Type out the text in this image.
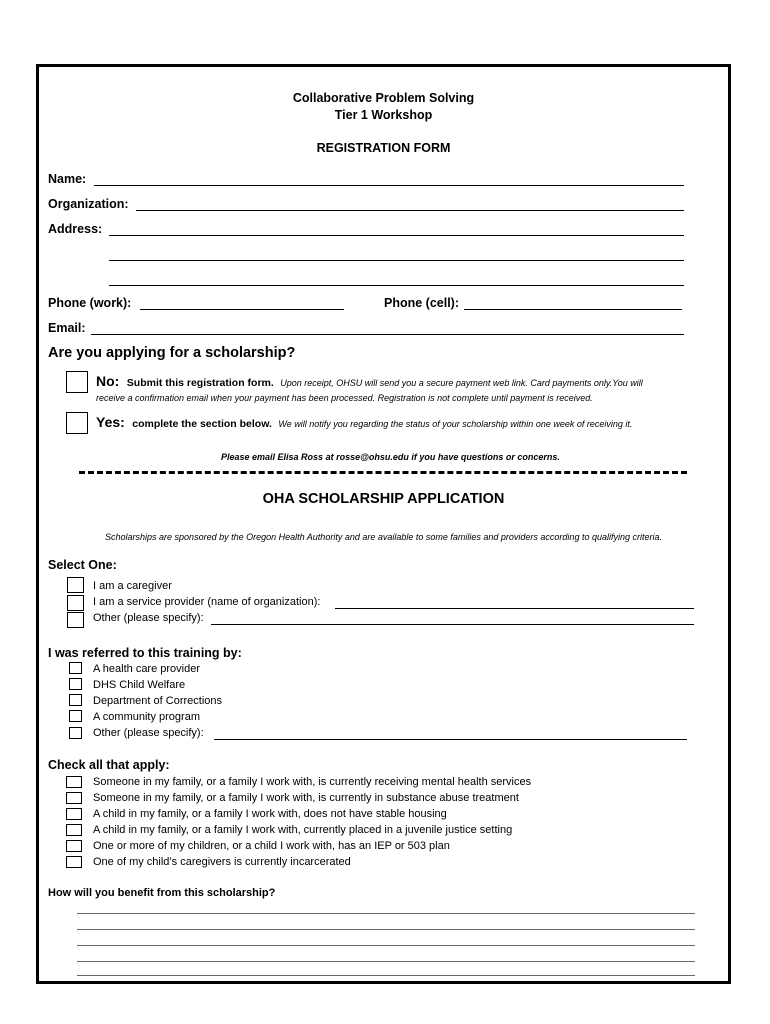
Collaborative Problem Solving
Tier 1 Workshop
REGISTRATION FORM
Name:
Organization:
Address:
Phone (work):	Phone (cell):
Email:
Are you applying for a scholarship?
No: Submit this registration form. Upon receipt, OHSU will send you a secure payment web link. Card payments only.You will
receive a confirmation email when your payment has been processed. Registration is not complete until payment is received.
Yes: complete the section below. We will notify you regarding the status of your scholarship within one week of receiving it.
Please email Elisa Ross at rosse@ohsu.edu if you have questions or concerns.
OHA SCHOLARSHIP APPLICATION
Scholarships are sponsored by the Oregon Health Authority and are available to some families and providers according to qualifying criteria.
Select One:
I am a caregiver
I am a service provider (name of organization):
Other (please specify):
I was referred to this training by:
A health care provider
DHS Child Welfare
Department of Corrections
A community program
Other (please specify):
Check all that apply:
Someone in my family, or a family I work with, is currently receiving mental health services
Someone in my family, or a family I work with, is currently in substance abuse treatment
A child in my family, or a family I work with, does not have stable housing
A child in my family, or a family I work with, currently placed in a juvenile justice setting
One or more of my children, or a child I work with, has an IEP or 503 plan
One of my child’s caregivers is currently incarcerated
How will you benefit from this scholarship?
